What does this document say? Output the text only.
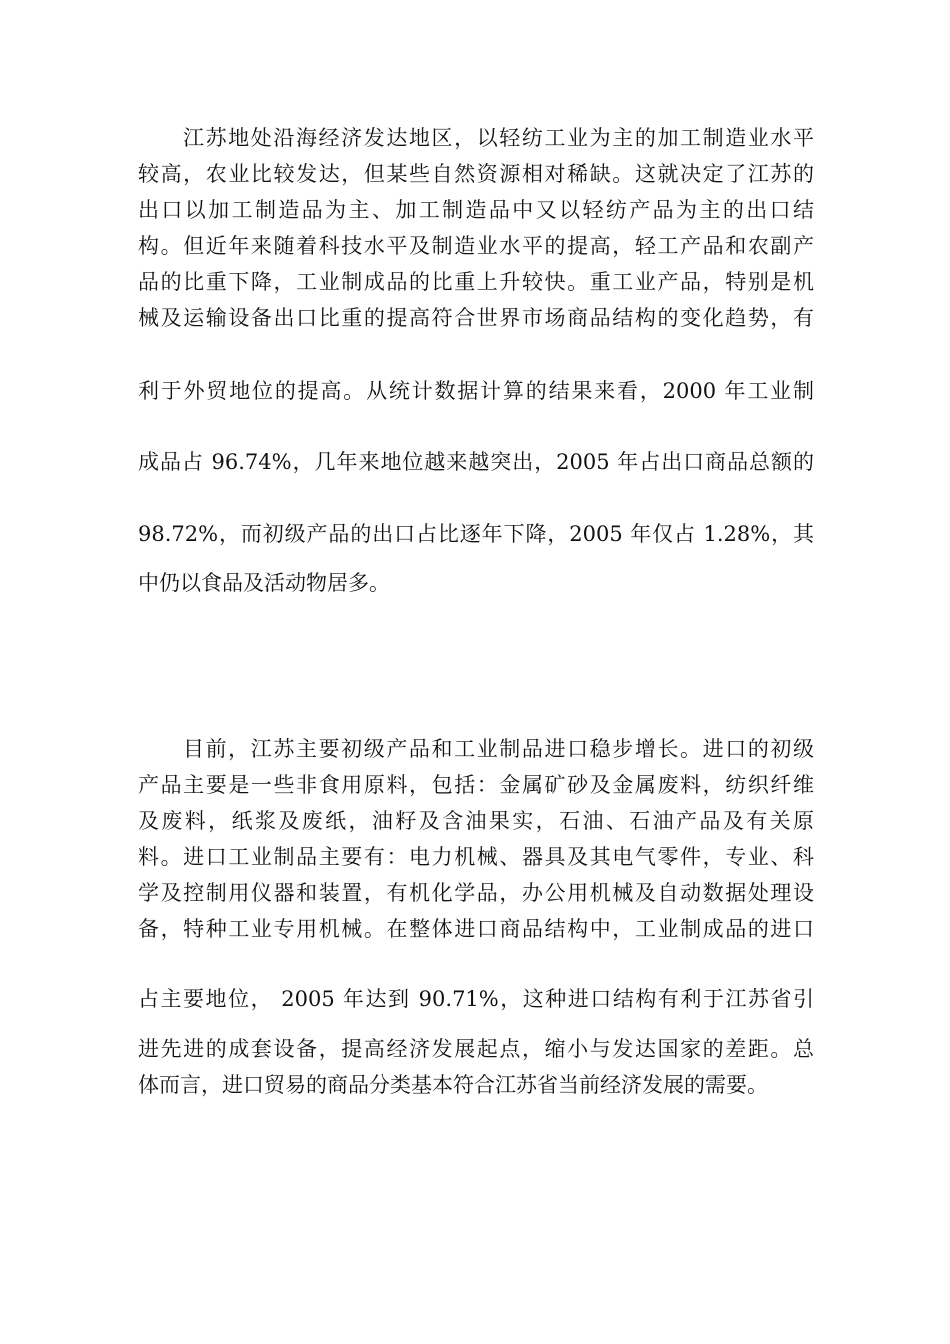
江苏地处沿海经济发达地区，以轻纺工业为主的加工制造业水平
较高，农业比较发达，但某些自然资源相对稀缺。这就决定了江苏的
出口以加工制造品为主、加工制造品中又以轻纺产品为主的出口结
构。但近年来随着科技水平及制造业水平的提高，轻工产品和农副产
品的比重下降，工业制成品的比重上升较快。重工业产品，特别是机
械及运输设备出口比重的提高符合世界市场商品结构的变化趋势，有
利于外贸地位的提高。从统计数据计算的结果来看，2000 年工业制
成品占 96.74%，几年来地位越来越突出，2005 年占出口商品总额的
98.72%，而初级产品的出口占比逐年下降，2005 年仅占 1.28%，其
中仍以食品及活动物居多。
目前，江苏主要初级产品和工业制品进口稳步增长。进口的初级
产品主要是一些非食用原料，包括：金属矿砂及金属废料，纺织纤维
及废料，纸浆及废纸，油籽及含油果实，石油、石油产品及有关原
料。进口工业制品主要有：电力机械、器具及其电气零件，专业、科
学及控制用仪器和装置，有机化学品，办公用机械及自动数据处理设
备，特种工业专用机械。在整体进口商品结构中，工业制成品的进口
占主要地位， 2005 年达到 90.71%，这种进口结构有利于江苏省引
进先进的成套设备，提高经济发展起点，缩小与发达国家的差距。总
体而言，进口贸易的商品分类基本符合江苏省当前经济发展的需要。
